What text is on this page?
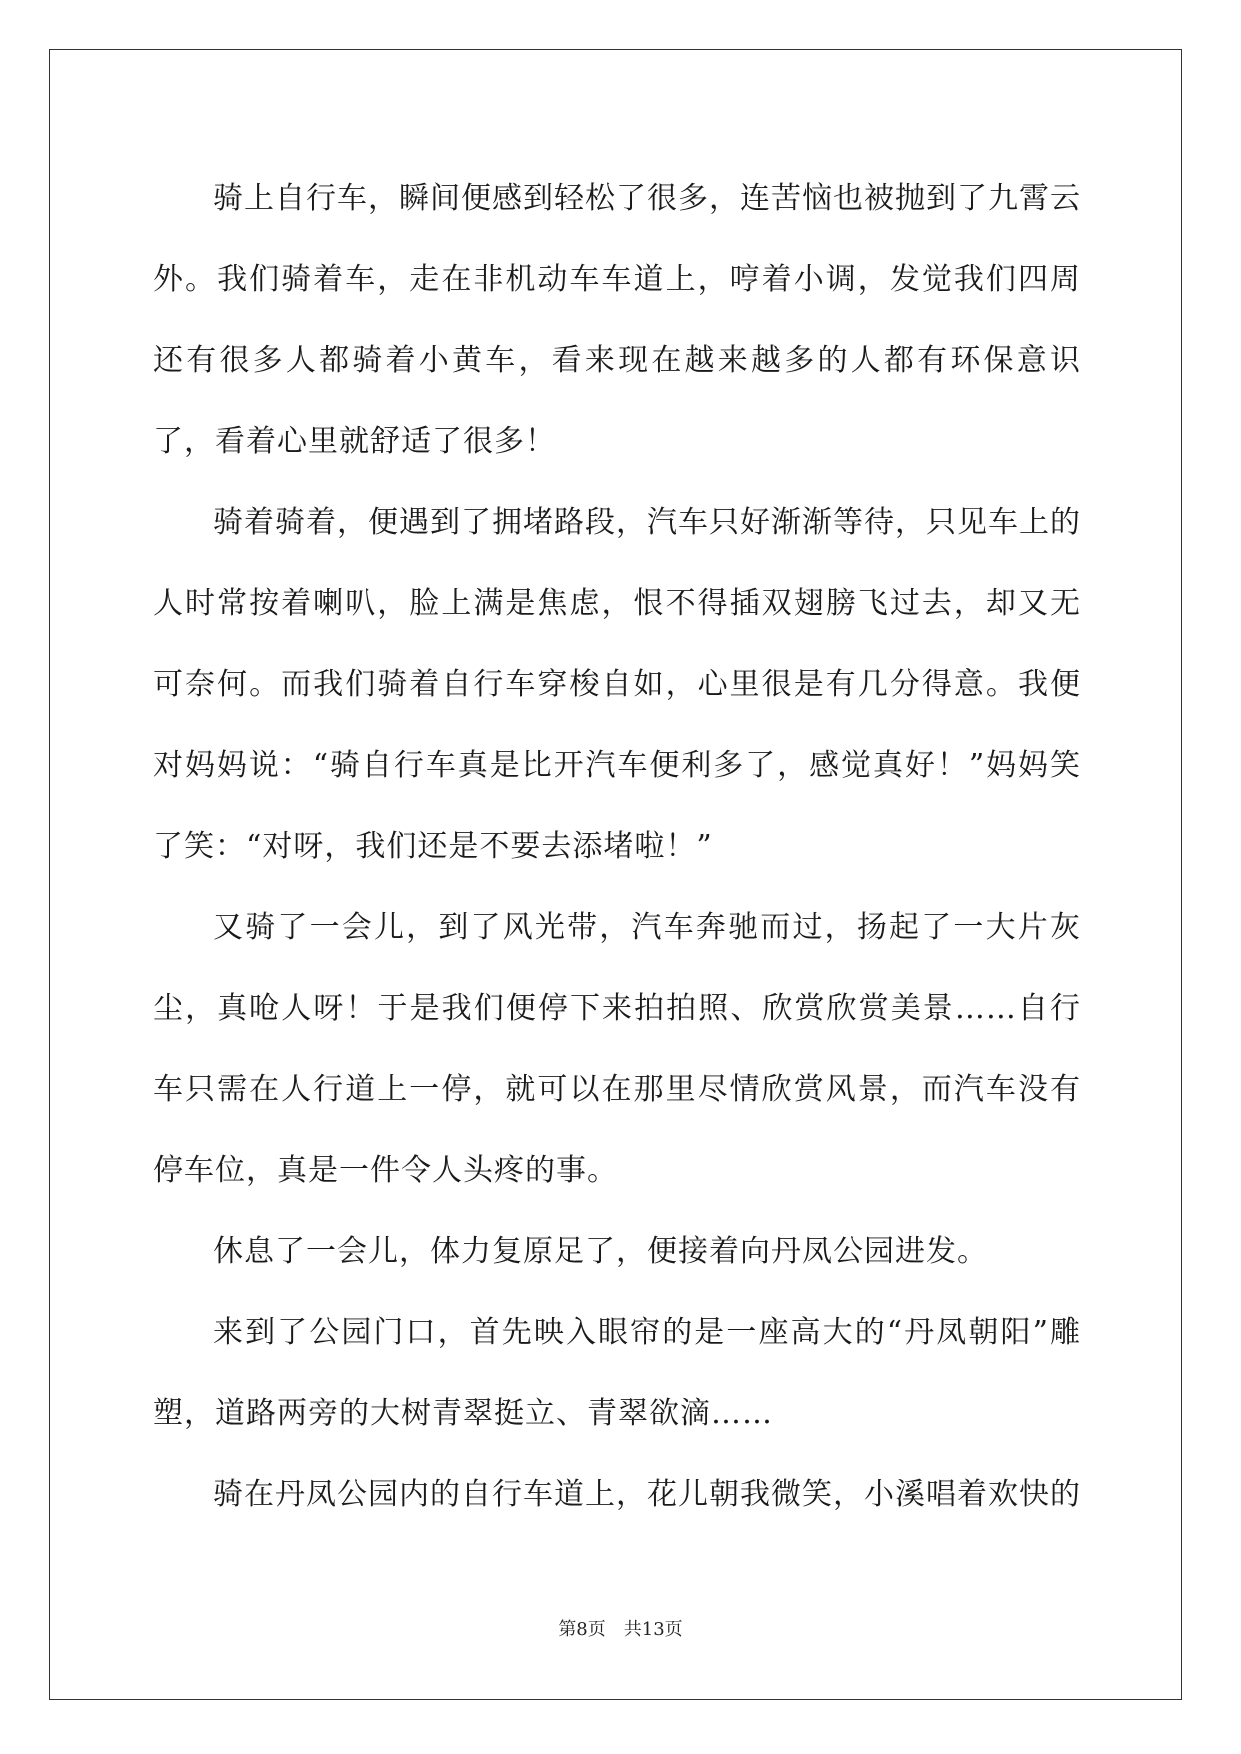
骑上自行车，瞬间便感到轻松了很多，连苦恼也被抛到了九霄云外。我们骑着车，走在非机动车车道上，哼着小调，发觉我们四周还有很多人都骑着小黄车，看来现在越来越多的人都有环保意识了，看着心里就舒适了很多！

骑着骑着，便遇到了拥堵路段，汽车只好渐渐等待，只见车上的人时常按着喇叭，脸上满是焦虑，恨不得插双翅膀飞过去，却又无可奈何。而我们骑着自行车穿梭自如，心里很是有几分得意。我便对妈妈说：“骑自行车真是比开汽车便利多了，感觉真好！”妈妈笑了笑：“对呀，我们还是不要去添堵啦！”

又骑了一会儿，到了风光带，汽车奔驰而过，扬起了一大片灰尘，真呛人呀！于是我们便停下来拍拍照、欣赏欣赏美景……自行车只需在人行道上一停，就可以在那里尽情欣赏风景，而汽车没有停车位，真是一件令人头疼的事。

休息了一会儿，体力复原足了，便接着向丹凤公园进发。

来到了公园门口，首先映入眼帘的是一座高大的“丹凤朝阳”雕塑，道路两旁的大树青翠挺立、青翠欲滴……

骑在丹凤公园内的自行车道上，花儿朝我微笑，小溪唱着欢快的

第8页 共13页
